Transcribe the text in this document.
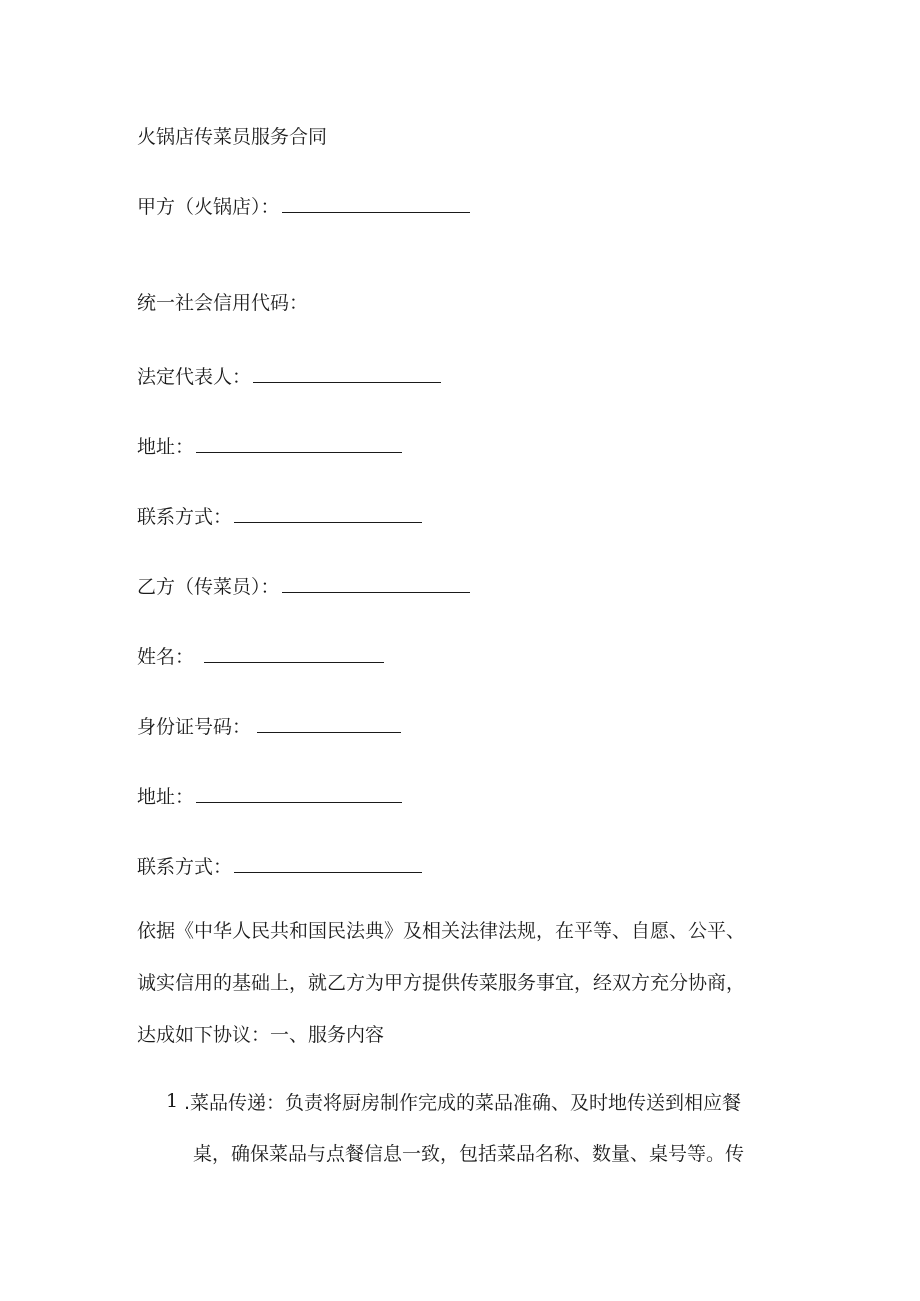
火锅店传菜员服务合同
甲方（火锅店）：
统一社会信用代码：
法定代表人：
地址：
联系方式：
乙方（传菜员）：
姓名：
身份证号码：
地址：
联系方式：
依据《中华人民共和国民法典》及相关法律法规，在平等、自愿、公平、
诚实信用的基础上，就乙方为甲方提供传菜服务事宜，经双方充分协商，
达成如下协议：一、服务内容
1 .菜品传递：负责将厨房制作完成的菜品准确、及时地传送到相应餐
桌，确保菜品与点餐信息一致，包括菜品名称、数量、桌号等。传
